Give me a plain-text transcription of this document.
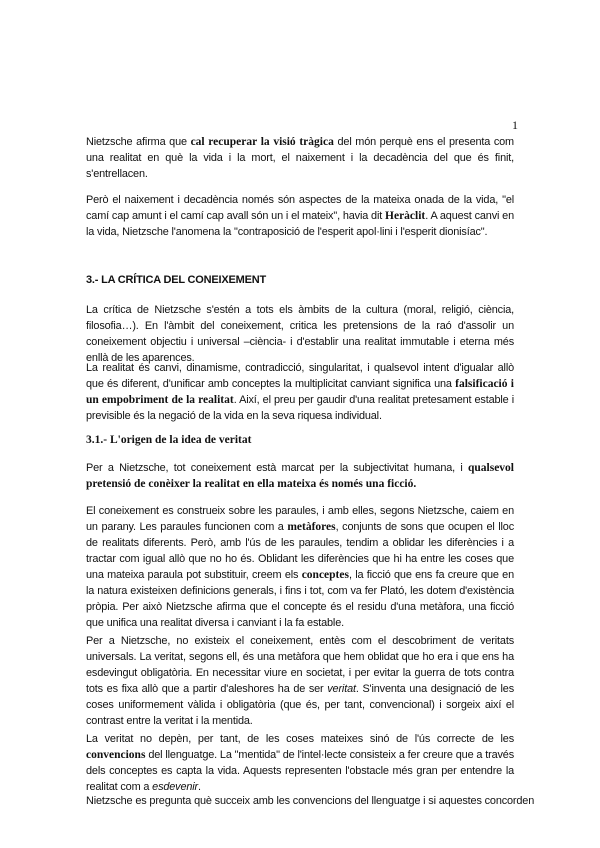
1
Nietzsche afirma que cal recuperar la visió tràgica del món perquè ens el presenta com una realitat en què la vida i la mort, el naixement i la decadència del que és finit, s'entrellacen.
Però el naixement i decadència només són aspectes de la mateixa onada de la vida, "el camí cap amunt i el camí cap avall són un i el mateix", havia dit Heràclit. A aquest canvi en la vida, Nietzsche l'anomena la "contraposició de l'esperit apol·lini i l'esperit dionisíac".
3.- LA CRÍTICA DEL CONEIXEMENT
La crítica de Nietzsche s'estén a tots els àmbits de la cultura (moral, religió, ciència, filosofia…). En l'àmbit del coneixement, critica les pretensions de la raó d'assolir un coneixement objectiu i universal –ciència- i d'establir una realitat immutable i eterna més enllà de les aparences.
La realitat és canvi, dinamisme, contradicció, singularitat, i qualsevol intent d'igualar allò que és diferent, d'unificar amb conceptes la multiplicitat canviant significa una falsificació i un empobriment de la realitat. Així, el preu per gaudir d'una realitat pretesament estable i previsible és la negació de la vida en la seva riquesa individual.
3.1.- L'origen de la idea de veritat
Per a Nietzsche, tot coneixement està marcat per la subjectivitat humana, i qualsevol pretensió de conèixer la realitat en ella mateixa és només una ficció.
El coneixement es construeix sobre les paraules, i amb elles, segons Nietzsche, caiem en un parany. Les paraules funcionen com a metàfores, conjunts de sons que ocupen el lloc de realitats diferents. Però, amb l'ús de les paraules, tendim a oblidar les diferències i a tractar com igual allò que no ho és. Oblidant les diferències que hi ha entre les coses que una mateixa paraula pot substituir, creem els conceptes, la ficció que ens fa creure que en la natura existeixen definicions generals, i fins i tot, com va fer Plató, les dotem d'existència pròpia. Per això Nietzsche afirma que el concepte és el residu d'una metàfora, una ficció que unifica una realitat diversa i canviant i la fa estable.
Per a Nietzsche, no existeix el coneixement, entès com el descobriment de veritats universals. La veritat, segons ell, és una metàfora que hem oblidat que ho era i que ens ha esdevingut obligatòria. En necessitar viure en societat, i per evitar la guerra de tots contra tots es fixa allò que a partir d'aleshores ha de ser veritat. S'inventa una designació de les coses uniformement vàlida i obligatòria (que és, per tant, convencional) i sorgeix així el contrast entre la veritat i la mentida.
La veritat no depèn, per tant, de les coses mateixes sinó de l'ús correcte de les convencions del llenguatge. La "mentida" de l'intel·lecte consisteix a fer creure que a través dels conceptes es capta la vida. Aquests representen l'obstacle més gran per entendre la realitat com a esdevenir.
Nietzsche es pregunta què succeix amb les convencions del llenguatge i si aquestes concorden
